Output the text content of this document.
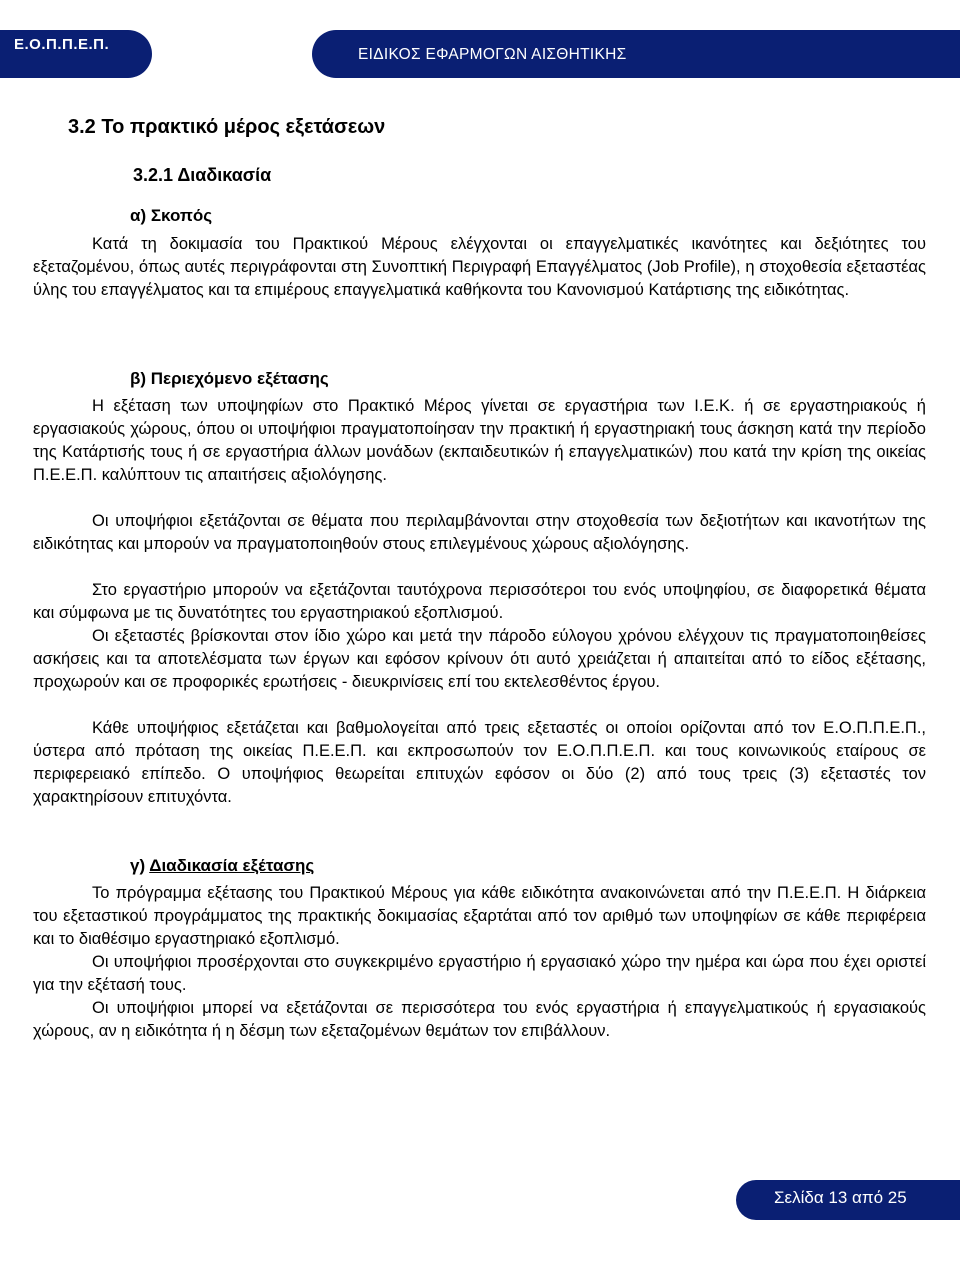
Ε.Ο.Π.Π.Ε.Π.
ΕΙΔΙΚΟΣ ΕΦΑΡΜΟΓΩΝ ΑΙΣΘΗΤΙΚΗΣ
3.2 Το πρακτικό μέρος εξετάσεων
3.2.1 Διαδικασία
α) Σκοπός

Κατά τη δοκιμασία του Πρακτικού Μέρους ελέγχονται οι επαγγελματικές ικανότητες και δεξιότητες του εξεταζομένου, όπως αυτές περιγράφονται στη Συνοπτική Περιγραφή Επαγγέλματος (Job Profile), η στοχοθεσία εξεταστέας ύλης του επαγγέλματος και τα επιμέρους επαγγελματικά καθήκοντα του Κανονισμού Κατάρτισης της ειδικότητας.

β) Περιεχόμενο εξέτασης

Η εξέταση των υποψηφίων στο Πρακτικό Μέρος γίνεται σε εργαστήρια των Ι.Ε.Κ. ή σε εργαστηριακούς ή εργασιακούς χώρους, όπου οι υποψήφιοι πραγματοποίησαν την πρακτική ή εργαστηριακή τους άσκηση κατά την περίοδο της Κατάρτισής τους ή σε εργαστήρια άλλων μονάδων (εκπαιδευτικών ή επαγγελματικών) που κατά την κρίση της οικείας Π.Ε.Ε.Π. καλύπτουν τις απαιτήσεις αξιολόγησης.

Οι υποψήφιοι εξετάζονται σε θέματα που περιλαμβάνονται στην στοχοθεσία των δεξιοτήτων και ικανοτήτων της ειδικότητας και μπορούν να πραγματοποιηθούν στους επιλεγμένους χώρους αξιολόγησης.

Στο εργαστήριο μπορούν να εξετάζονται ταυτόχρονα περισσότεροι του ενός υποψηφίου, σε διαφορετικά θέματα και σύμφωνα με τις δυνατότητες του εργαστηριακού εξοπλισμού.

Οι εξεταστές βρίσκονται στον ίδιο χώρο και μετά την πάροδο εύλογου χρόνου ελέγχουν τις πραγματοποιηθείσες ασκήσεις και τα αποτελέσματα των έργων και εφόσον κρίνουν ότι αυτό χρειάζεται ή απαιτείται από το είδος εξέτασης, προχωρούν και σε προφορικές ερωτήσεις - διευκρινίσεις επί του εκτελεσθέντος έργου.

Κάθε υποψήφιος εξετάζεται και βαθμολογείται από τρεις εξεταστές οι οποίοι ορίζονται από τον Ε.Ο.Π.Π.Ε.Π., ύστερα από πρόταση της οικείας Π.Ε.Ε.Π. και εκπροσωπούν τον Ε.Ο.Π.Π.Ε.Π. και τους κοινωνικούς εταίρους σε περιφερειακό επίπεδο. Ο υποψήφιος θεωρείται επιτυχών εφόσον οι δύο (2) από τους τρεις (3) εξεταστές τον χαρακτηρίσουν επιτυχόντα.

γ) Διαδικασία εξέτασης

Το πρόγραμμα εξέτασης του Πρακτικού Μέρους για κάθε ειδικότητα ανακοινώνεται από την Π.Ε.Ε.Π. Η διάρκεια του εξεταστικού προγράμματος της πρακτικής δοκιμασίας εξαρτάται από τον αριθμό των υποψηφίων σε κάθε περιφέρεια και το διαθέσιμο εργαστηριακό εξοπλισμό.

Οι υποψήφιοι προσέρχονται στο συγκεκριμένο εργαστήριο ή εργασιακό χώρο την ημέρα και ώρα που έχει οριστεί για την εξέτασή τους.

Οι υποψήφιοι μπορεί να εξετάζονται σε περισσότερα του ενός εργαστήρια ή επαγγελματικούς ή εργασιακούς χώρους, αν η ειδικότητα ή η δέσμη των εξεταζομένων θεμάτων τον επιβάλλουν.

Σελίδα 13 από 25
